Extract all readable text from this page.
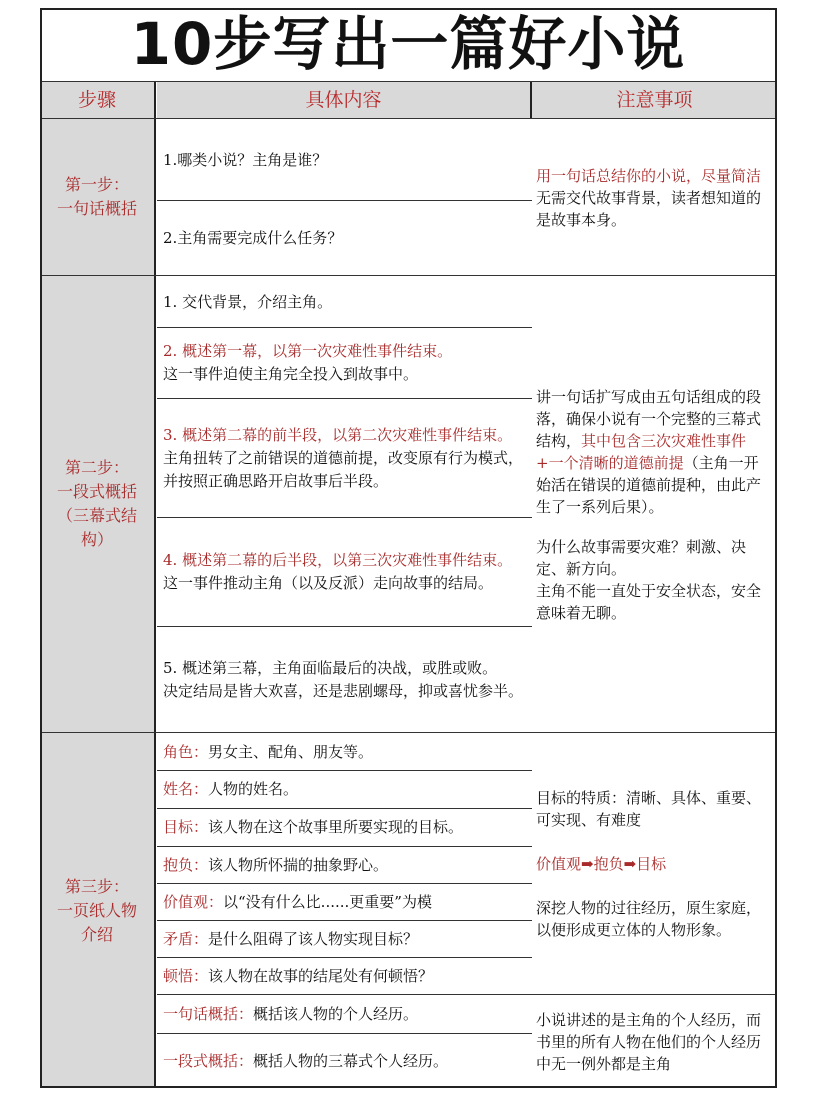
10步写出一篇好小说
步骤	具体内容	注意事项
第一步：
一句话概括
第二步：
一段式概括
（三幕式结构）
第三步：
一页纸人物介绍
1.哪类小说？主角是谁？
2.主角需要完成什么任务？
用一句话总结你的小说，尽量简洁
无需交代故事背景，读者想知道的是故事本身。
1. 交代背景，介绍主角。
2. 概述第一幕，以第一次灾难性事件结束。
这一事件迫使主角完全投入到故事中。
3. 概述第二幕的前半段，以第二次灾难性事件结束。主角扭转了之前错误的道德前提，改变原有行为模式，并按照正确思路开启故事后半段。
4. 概述第二幕的后半段，以第三次灾难性事件结束。
这一事件推动主角（以及反派）走向故事的结局。
5. 概述第三幕，主角面临最后的决战，或胜或败。
决定结局是皆大欢喜，还是悲剧螺母，抑或喜忧参半。
讲一句话扩写成由五句话组成的段落，确保小说有一个完整的三幕式结构，其中包含三次灾难性事件+一个清晰的道德前提（主角一开始活在错误的道德前提种，由此产生了一系列后果）。
为什么故事需要灾难？刺激、决定、新方向。
主角不能一直处于安全状态，安全意味着无聊。
角色：男女主、配角、朋友等。
姓名：人物的姓名。
目标：该人物在这个故事里所要实现的目标。
抱负：该人物所怀揣的抽象野心。
价值观：以“没有什么比......更重要”为模
矛盾：是什么阻碍了该人物实现目标？
顿悟：该人物在故事的结尾处有何顿悟？
一句话概括：概括该人物的个人经历。
一段式概括：概括人物的三幕式个人经历。
目标的特质：清晰、具体、重要、可实现、有难度
价值观➡抱负➡目标
深挖人物的过往经历，原生家庭，以便形成更立体的人物形象。
小说讲述的是主角的个人经历，而书里的所有人物在他们的个人经历中无一例外都是主角
